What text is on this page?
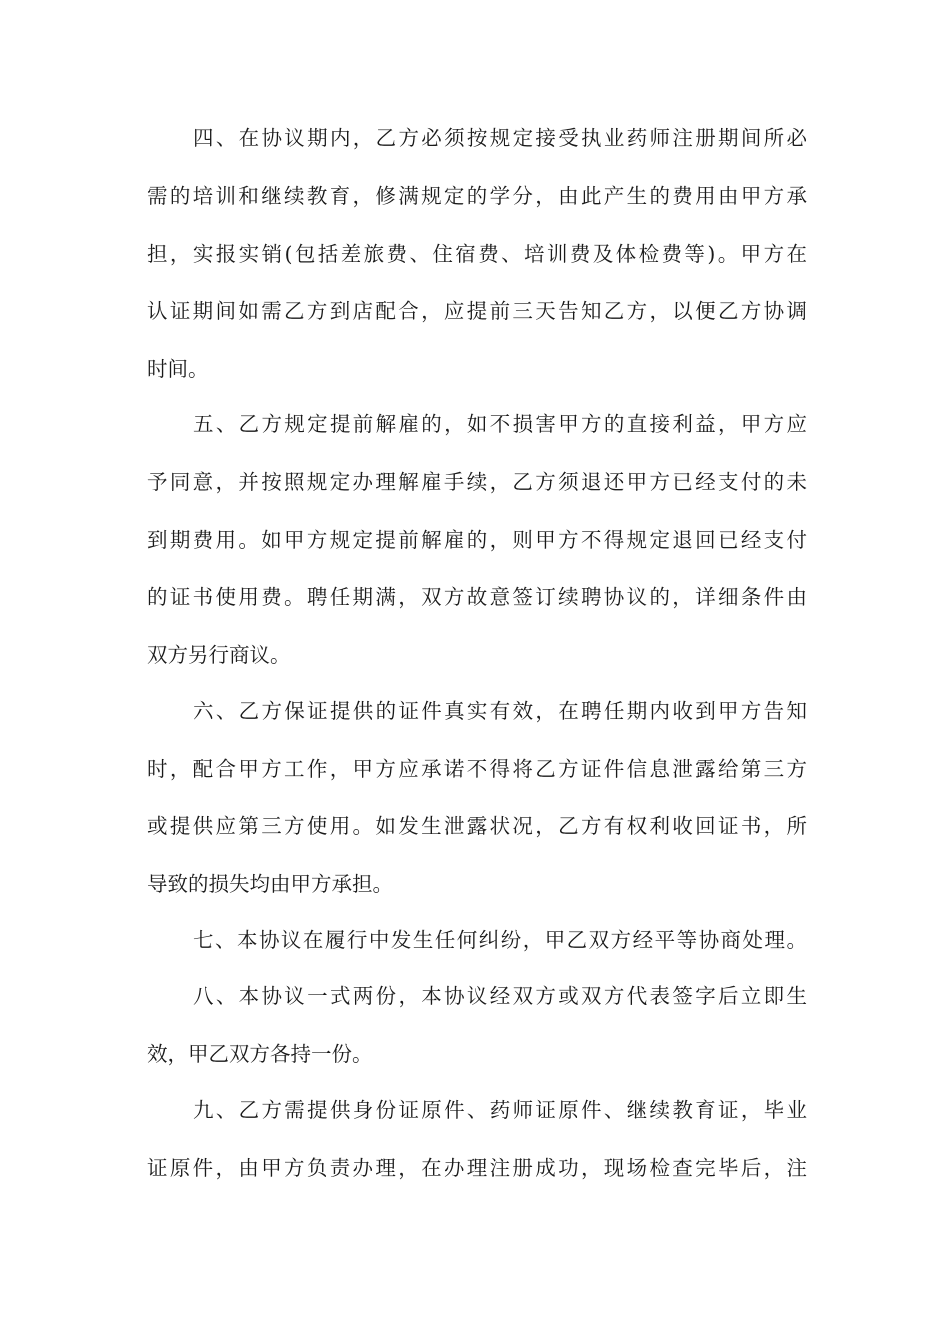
四、在协议期内，乙方必须按规定接受执业药师注册期间所必
需的培训和继续教育，修满规定的学分，由此产生的费用由甲方承
担，实报实销(包括差旅费、住宿费、培训费及体检费等)。甲方在
认证期间如需乙方到店配合，应提前三天告知乙方，以便乙方协调
时间。
五、乙方规定提前解雇的，如不损害甲方的直接利益，甲方应
予同意，并按照规定办理解雇手续，乙方须退还甲方已经支付的未
到期费用。如甲方规定提前解雇的，则甲方不得规定退回已经支付
的证书使用费。聘任期满，双方故意签订续聘协议的，详细条件由
双方另行商议。
六、乙方保证提供的证件真实有效，在聘任期内收到甲方告知
时，配合甲方工作，甲方应承诺不得将乙方证件信息泄露给第三方
或提供应第三方使用。如发生泄露状况，乙方有权利收回证书，所
导致的损失均由甲方承担。
七、本协议在履行中发生任何纠纷，甲乙双方经平等协商处理。
八、本协议一式两份，本协议经双方或双方代表签字后立即生
效，甲乙双方各持一份。
九、乙方需提供身份证原件、药师证原件、继续教育证，毕业
证原件，由甲方负责办理，在办理注册成功，现场检查完毕后，注
